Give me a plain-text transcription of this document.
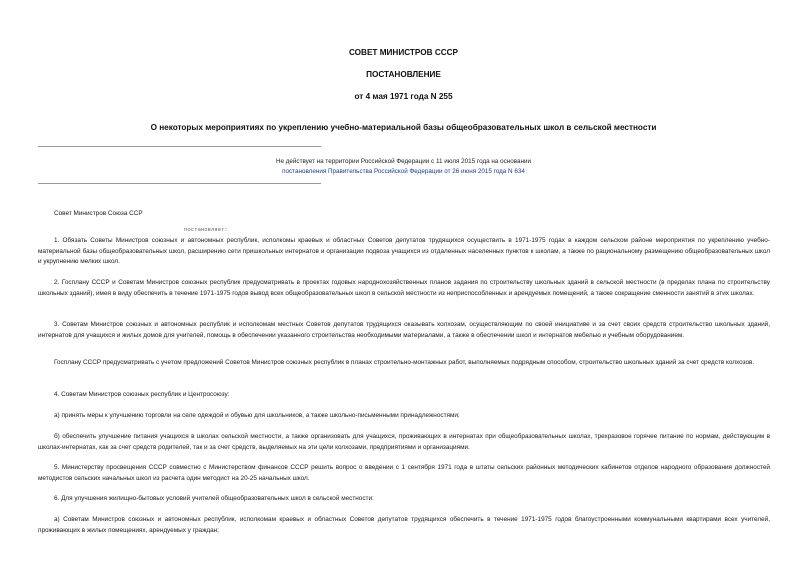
СОВЕТ МИНИСТРОВ СССР
ПОСТАНОВЛЕНИЕ
от 4 мая 1971 года N 255
О некоторых мероприятиях по укреплению учебно-материальной базы общеобразовательных школ в сельской местности
Не действует на территории Российской Федерации с 11 июля 2015 года на основании
постановления Правительства Российской Федерации от 26 июня 2015 года N 634
Совет Министров Союза ССР
постановляет:
1. Обязать Советы Министров союзных и автономных республик, исполкомы краевых и областных Советов депутатов трудящихся осуществить в 1971-1975 годах в каждом сельском районе мероприятия по укреплению учебно-материальной базы общеобразовательных школ, расширению сети пришкольных интернатов и организации подвоза учащихся из отдаленных населенных пунктов к школам, а также по рациональному размещению общеобразовательных школ и укрупнению мелких школ.
2. Госплану СССР и Советам Министров союзных республик предусматривать в проектах годовых народнохозяйственных планов задания по строительству школьных зданий в сельской местности (в пределах плана по строительству школьных зданий), имея в виду обеспечить в течение 1971-1975 годов вывод всех общеобразовательных школ в сельской местности из неприспособленных и арендуемых помещений, а также сокращение сменности занятий в этих школах.
3. Советам Министров союзных и автономных республик и исполкомам местных Советов депутатов трудящихся оказывать колхозам, осуществляющим по своей инициативе и за счет своих средств строительство школьных зданий, интернатов для учащихся и жилых домов для учителей, помощь в обеспечении указанного строительства необходимыми материалами, а также в обеспечении школ и интернатов мебелью и учебным оборудованием.
Госплану СССР предусматривать с учетом предложений Советов Министров союзных республик в планах строительно-монтажных работ, выполняемых подрядным способом, строительство школьных зданий за счет средств колхозов.
4. Советам Министров союзных республик и Центросоюзу:
а) принять меры к улучшению торговли на селе одеждой и обувью для школьников, а также школьно-письменными принадлежностями;
б) обеспечить улучшение питания учащихся в школах сельской местности, а также организовать для учащихся, проживающих в интернатах при общеобразовательных школах, трехразовое горячее питание по нормам, действующим в школах-интернатах, как за счет средств родителей, так и за счет средств, выделяемых на эти цели колхозами, предприятиями и организациями.
5. Министерству просвещения СССР совместно с Министерством финансов СССР решить вопрос о введении с 1 сентября 1971 года в штаты сельских районных методических кабинетов отделов народного образования должностей методистов сельских начальных школ из расчета один методист на 20-25 начальных школ.
6. Для улучшения жилищно-бытовых условий учителей общеобразовательных школ в сельской местности:
а) Советам Министров союзных и автономных республик, исполкомам краевых и областных Советов депутатов трудящихся обеспечить в течение 1971-1975 годов благоустроенными коммунальными квартирами всех учителей, проживающих в жилых помещениях, арендуемых у граждан;
